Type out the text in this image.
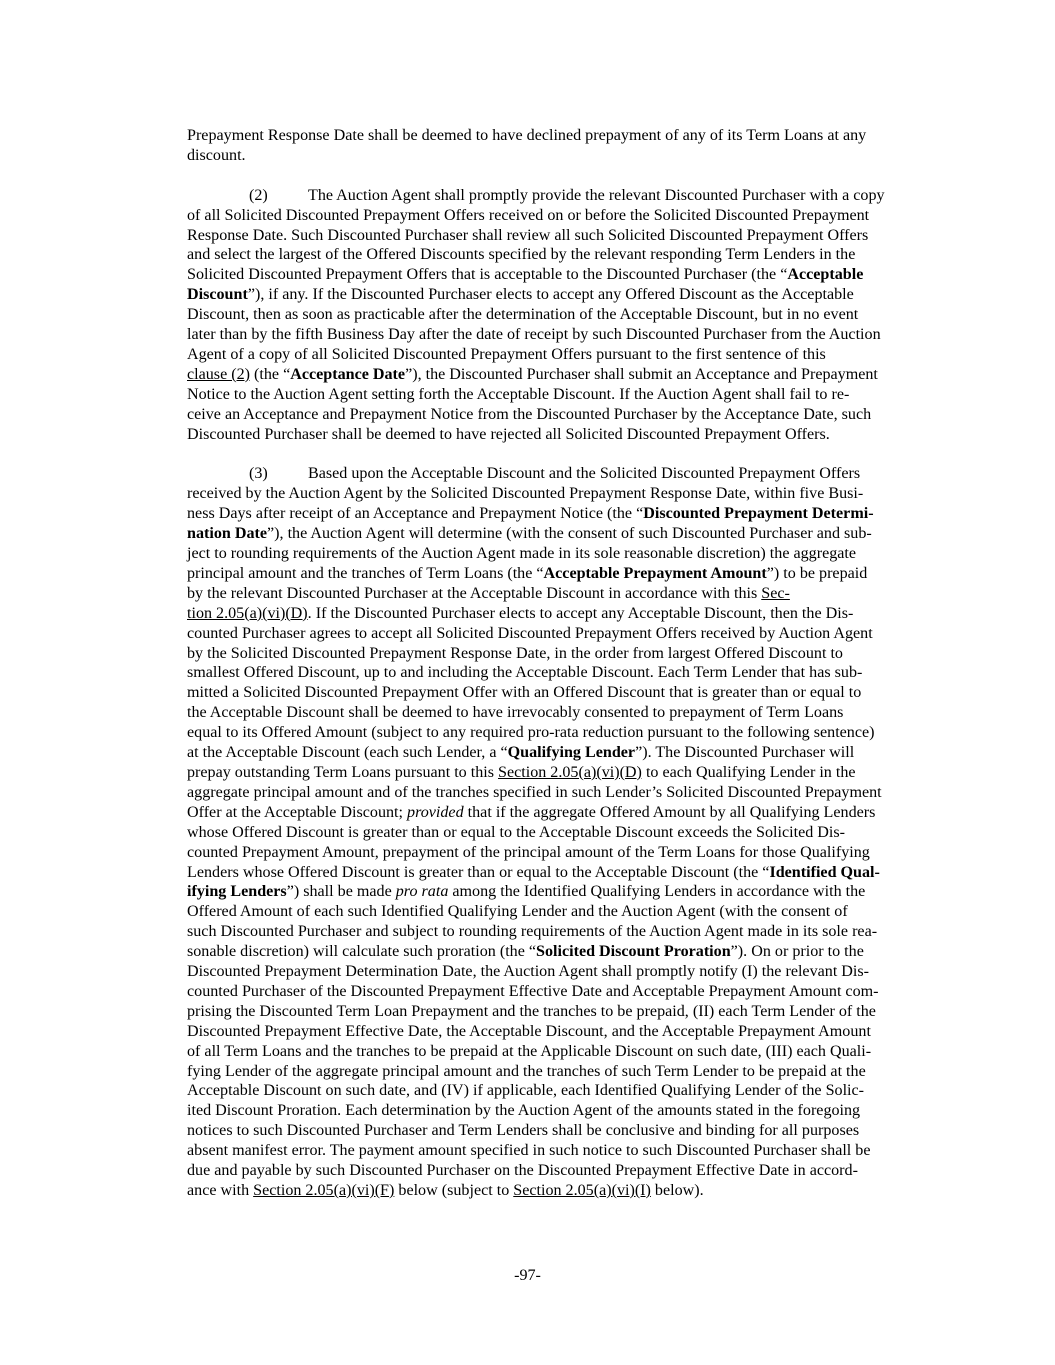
Prepayment Response Date shall be deemed to have declined prepayment of any of its Term Loans at any
discount.

(2) The Auction Agent shall promptly provide the relevant Discounted Purchaser with a copy
of all Solicited Discounted Prepayment Offers received on or before the Solicited Discounted Prepayment
Response Date. Such Discounted Purchaser shall review all such Solicited Discounted Prepayment Offers
and select the largest of the Offered Discounts specified by the relevant responding Term Lenders in the
Solicited Discounted Prepayment Offers that is acceptable to the Discounted Purchaser (the “Acceptable
Discount”), if any. If the Discounted Purchaser elects to accept any Offered Discount as the Acceptable
Discount, then as soon as practicable after the determination of the Acceptable Discount, but in no event
later than by the fifth Business Day after the date of receipt by such Discounted Purchaser from the Auction
Agent of a copy of all Solicited Discounted Prepayment Offers pursuant to the first sentence of this
clause (2) (the “Acceptance Date”), the Discounted Purchaser shall submit an Acceptance and Prepayment
Notice to the Auction Agent setting forth the Acceptable Discount. If the Auction Agent shall fail to re-
ceive an Acceptance and Prepayment Notice from the Discounted Purchaser by the Acceptance Date, such
Discounted Purchaser shall be deemed to have rejected all Solicited Discounted Prepayment Offers.

(3) Based upon the Acceptable Discount and the Solicited Discounted Prepayment Offers
received by the Auction Agent by the Solicited Discounted Prepayment Response Date, within five Busi-
ness Days after receipt of an Acceptance and Prepayment Notice (the “Discounted Prepayment Determi-
nation Date”), the Auction Agent will determine (with the consent of such Discounted Purchaser and sub-
ject to rounding requirements of the Auction Agent made in its sole reasonable discretion) the aggregate
principal amount and the tranches of Term Loans (the “Acceptable Prepayment Amount”) to be prepaid
by the relevant Discounted Purchaser at the Acceptable Discount in accordance with this Sec-
tion 2.05(a)(vi)(D). If the Discounted Purchaser elects to accept any Acceptable Discount, then the Dis-
counted Purchaser agrees to accept all Solicited Discounted Prepayment Offers received by Auction Agent
by the Solicited Discounted Prepayment Response Date, in the order from largest Offered Discount to
smallest Offered Discount, up to and including the Acceptable Discount. Each Term Lender that has sub-
mitted a Solicited Discounted Prepayment Offer with an Offered Discount that is greater than or equal to
the Acceptable Discount shall be deemed to have irrevocably consented to prepayment of Term Loans
equal to its Offered Amount (subject to any required pro-rata reduction pursuant to the following sentence)
at the Acceptable Discount (each such Lender, a “Qualifying Lender”). The Discounted Purchaser will
prepay outstanding Term Loans pursuant to this Section 2.05(a)(vi)(D) to each Qualifying Lender in the
aggregate principal amount and of the tranches specified in such Lender’s Solicited Discounted Prepayment
Offer at the Acceptable Discount; provided that if the aggregate Offered Amount by all Qualifying Lenders
whose Offered Discount is greater than or equal to the Acceptable Discount exceeds the Solicited Dis-
counted Prepayment Amount, prepayment of the principal amount of the Term Loans for those Qualifying
Lenders whose Offered Discount is greater than or equal to the Acceptable Discount (the “Identified Qual-
ifying Lenders”) shall be made pro rata among the Identified Qualifying Lenders in accordance with the
Offered Amount of each such Identified Qualifying Lender and the Auction Agent (with the consent of
such Discounted Purchaser and subject to rounding requirements of the Auction Agent made in its sole rea-
sonable discretion) will calculate such proration (the “Solicited Discount Proration”). On or prior to the
Discounted Prepayment Determination Date, the Auction Agent shall promptly notify (I) the relevant Dis-
counted Purchaser of the Discounted Prepayment Effective Date and Acceptable Prepayment Amount com-
prising the Discounted Term Loan Prepayment and the tranches to be prepaid, (II) each Term Lender of the
Discounted Prepayment Effective Date, the Acceptable Discount, and the Acceptable Prepayment Amount
of all Term Loans and the tranches to be prepaid at the Applicable Discount on such date, (III) each Quali-
fying Lender of the aggregate principal amount and the tranches of such Term Lender to be prepaid at the
Acceptable Discount on such date, and (IV) if applicable, each Identified Qualifying Lender of the Solic-
ited Discount Proration. Each determination by the Auction Agent of the amounts stated in the foregoing
notices to such Discounted Purchaser and Term Lenders shall be conclusive and binding for all purposes
absent manifest error. The payment amount specified in such notice to such Discounted Purchaser shall be
due and payable by such Discounted Purchaser on the Discounted Prepayment Effective Date in accord-
ance with Section 2.05(a)(vi)(F) below (subject to Section 2.05(a)(vi)(I) below).

-97-
